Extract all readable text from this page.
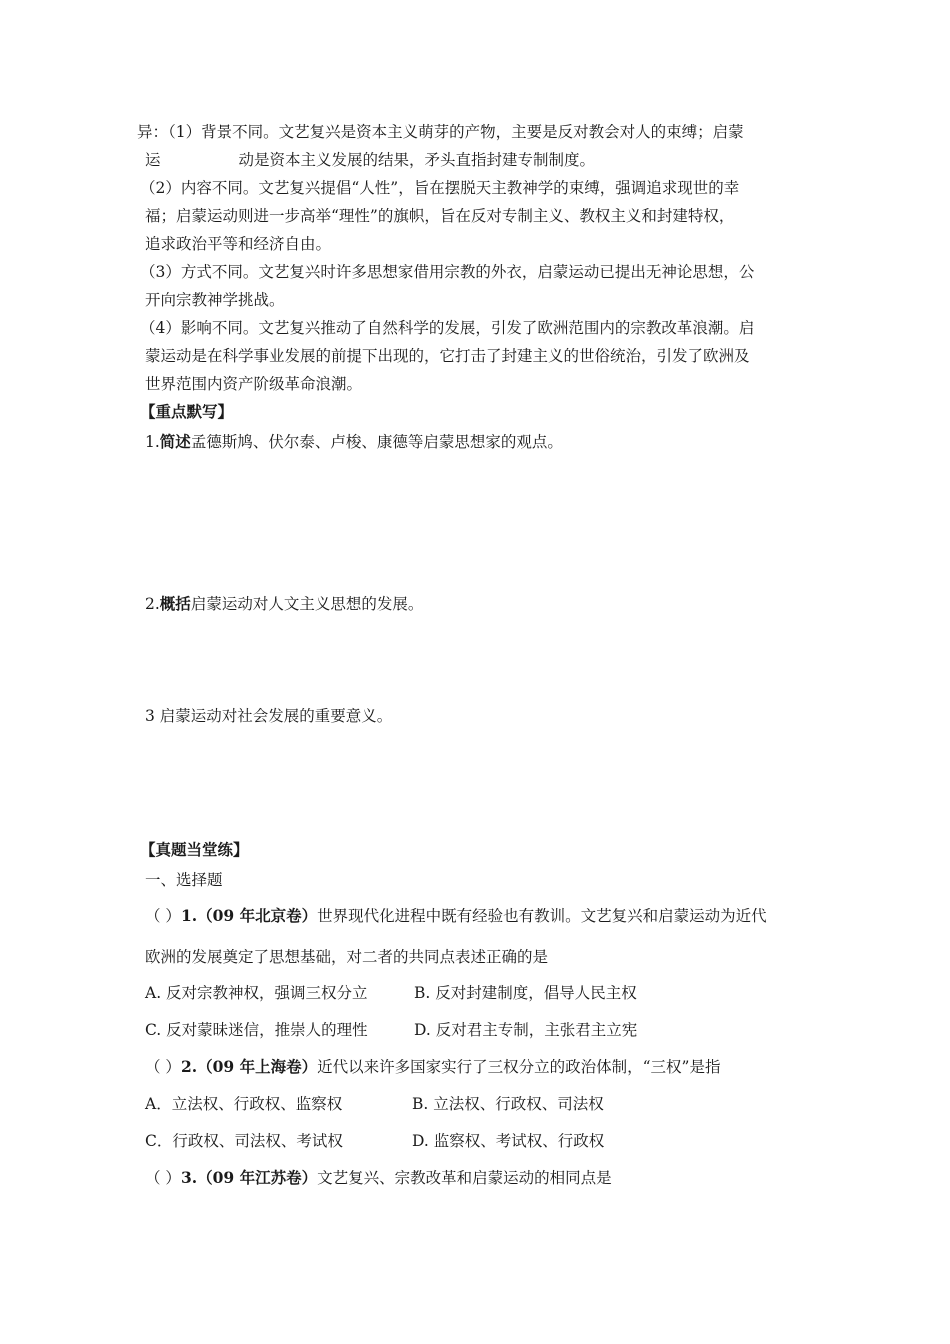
异：（1）背景不同。文艺复兴是资本主义萌芽的产物，主要是反对教会对人的束缚；启蒙
运	动是资本主义发展的结果，矛头直指封建专制制度。
（2）内容不同。文艺复兴提倡“人性”，旨在摆脱天主教神学的束缚，强调追求现世的幸
福；启蒙运动则进一步高举“理性”的旗帜，旨在反对专制主义、教权主义和封建特权，
追求政治平等和经济自由。
（3）方式不同。文艺复兴时许多思想家借用宗教的外衣，启蒙运动已提出无神论思想，公
开向宗教神学挑战。
（4）影响不同。文艺复兴推动了自然科学的发展，引发了欧洲范围内的宗教改革浪潮。启
蒙运动是在科学事业发展的前提下出现的，它打击了封建主义的世俗统治，引发了欧洲及
世界范围内资产阶级革命浪潮。
【重点默写】
1.简述孟德斯鸠、伏尔泰、卢梭、康德等启蒙思想家的观点。
2.概括启蒙运动对人文主义思想的发展。
3 启蒙运动对社会发展的重要意义。
【真题当堂练】
一、选择题
（ ）1.（09 年北京卷）世界现代化进程中既有经验也有教训。文艺复兴和启蒙运动为近代
欧洲的发展奠定了思想基础，对二者的共同点表述正确的是
A. 反对宗教神权，强调三权分立	B. 反对封建制度，倡导人民主权
C. 反对蒙昧迷信，推崇人的理性	D. 反对君主专制，主张君主立宪
（ ）2.（09 年上海卷）近代以来许多国家实行了三权分立的政治体制，“三权”是指
A．立法权、行政权、监察权	B. 立法权、行政权、司法权
C．行政权、司法权、考试权	D. 监察权、考试权、行政权
（ ）3.（09 年江苏卷）文艺复兴、宗教改革和启蒙运动的相同点是
